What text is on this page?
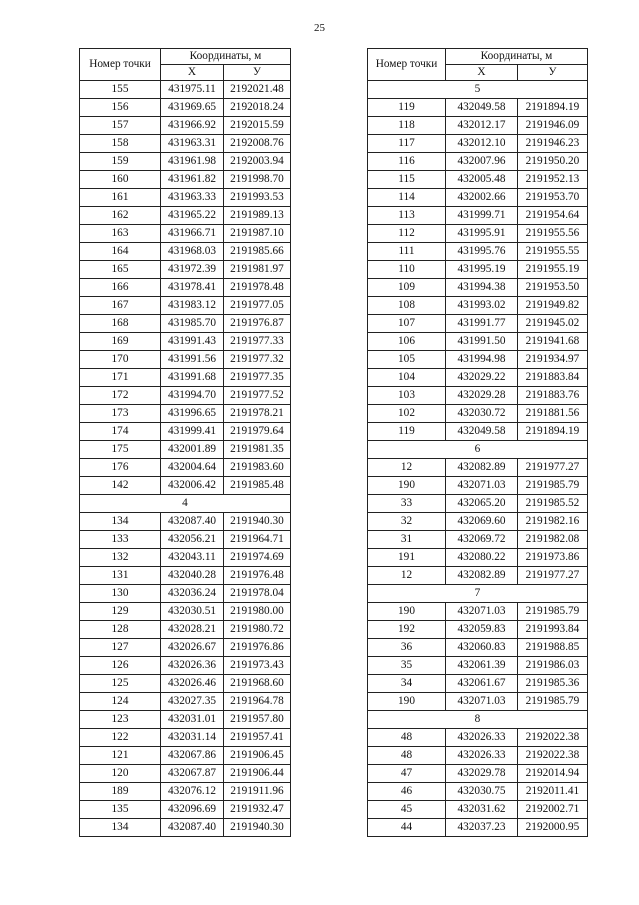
25
Номер точки	Координаты, м	
	X	У
155	431975.11	2192021.48
156	431969.65	2192018.24
157	431966.92	2192015.59
158	431963.31	2192008.76
159	431961.98	2192003.94
160	431961.82	2191998.70
161	431963.33	2191993.53
162	431965.22	2191989.13
163	431966.71	2191987.10
164	431968.03	2191985.66
165	431972.39	2191981.97
166	431978.41	2191978.48
167	431983.12	2191977.05
168	431985.70	2191976.87
169	431991.43	2191977.33
170	431991.56	2191977.32
171	431991.68	2191977.35
172	431994.70	2191977.52
173	431996.65	2191978.21
174	431999.41	2191979.64
175	432001.89	2191981.35
176	432004.64	2191983.60
142	432006.42	2191985.48
4		
134	432087.40	2191940.30
133	432056.21	2191964.71
132	432043.11	2191974.69
131	432040.28	2191976.48
130	432036.24	2191978.04
129	432030.51	2191980.00
128	432028.21	2191980.72
127	432026.67	2191976.86
126	432026.36	2191973.43
125	432026.46	2191968.60
124	432027.35	2191964.78
123	432031.01	2191957.80
122	432031.14	2191957.41
121	432067.86	2191906.45
120	432067.87	2191906.44
189	432076.12	2191911.96
135	432096.69	2191932.47
134	432087.40	2191940.30
Номер точки	Координаты, м	
	X	У
5		
119	432049.58	2191894.19
118	432012.17	2191946.09
117	432012.10	2191946.23
116	432007.96	2191950.20
115	432005.48	2191952.13
114	432002.66	2191953.70
113	431999.71	2191954.64
112	431995.91	2191955.56
111	431995.76	2191955.55
110	431995.19	2191955.19
109	431994.38	2191953.50
108	431993.02	2191949.82
107	431991.77	2191945.02
106	431991.50	2191941.68
105	431994.98	2191934.97
104	432029.22	2191883.84
103	432029.28	2191883.76
102	432030.72	2191881.56
119	432049.58	2191894.19
6		
12	432082.89	2191977.27
190	432071.03	2191985.79
33	432065.20	2191985.52
32	432069.60	2191982.16
31	432069.72	2191982.08
191	432080.22	2191973.86
12	432082.89	2191977.27
7		
190	432071.03	2191985.79
192	432059.83	2191993.84
36	432060.83	2191988.85
35	432061.39	2191986.03
34	432061.67	2191985.36
190	432071.03	2191985.79
8		
48	432026.33	2192022.38
48	432026.33	2192022.38
47	432029.78	2192014.94
46	432030.75	2192011.41
45	432031.62	2192002.71
44	432037.23	2192000.95
